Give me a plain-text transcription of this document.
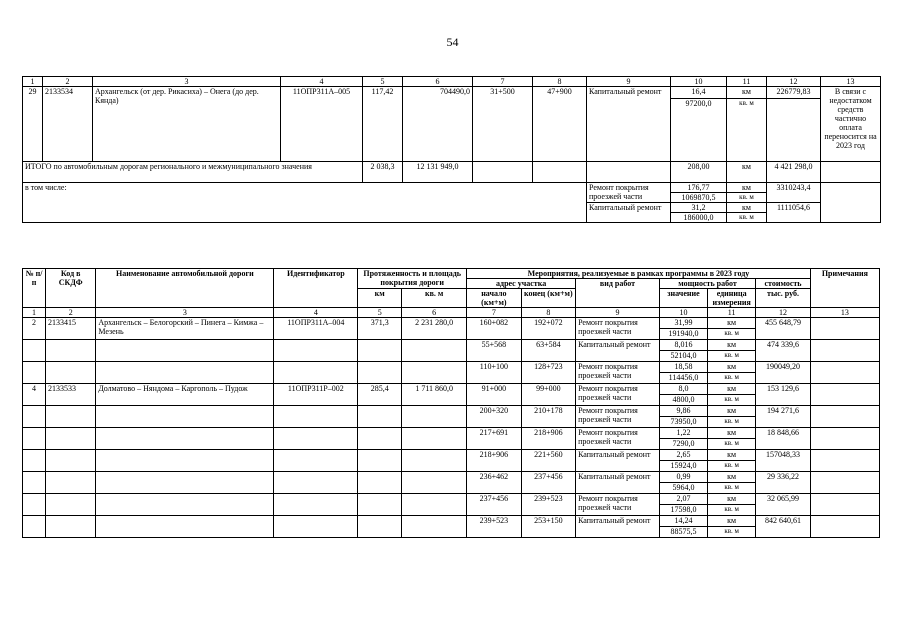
54
1	2	3	4	5	6	7	8	9	10	11	12	13
29	2133534	Архангельск (от дер. Рикасиха) – Онега (до дер. Кянда)	11ОПР311А–005	117,42	704490,0	31+500	47+900	Капитальный ремонт	16,4	км	226779,83	В связи с недостатком средств частично оплата переносится на 2023 год
									97200,0	кв. м		
ИТОГО по автомобильным дорогам регионального и межмуниципального значения				2 038,3	12 131 949,0				208,00	км	4 421 298,0	
в том числе:								Ремонт покрытия проезжей части	176,77	км	3310243,4	
									1069870,5	кв. м		
								Капитальный ремонт	31,2	км	1111054,6	
									186000,0	кв. м		
№ п/п	Код в СКДФ	Наименование автомобильной дороги	Идентификатор	Протяженность и площадь покрытия дороги		Мероприятия, реализуемые в рамках программы в 2023 году						Примечания
						адрес участка		вид работ	мощность работ		стоимость	
				км	кв. м	начало (км+м)	конец (км+м)		значение	единица измерения	тыс. руб.	
1	2	3	4	5	6	7	8	9	10	11	12	13
2	2133415	Архангельск – Белогорский – Пинега – Кимжа – Мезень	11ОПР311А–004	371,3	2 231 280,0	160+082	192+072	Ремонт покрытия проезжей части	31,99	км	455 648,79	
									191940,0	кв. м		
						55+568	63+584	Капитальный ремонт	8,016	км	474 339,6	
									52104,0	кв. м		
						110+100	128+723	Ремонт покрытия проезжей части	18,58	км	190049,20	
									114456,0	кв. м		
4	2133533	Долматово – Няндома – Каргополь – Пудож	11ОПР311Р–002	285,4	1 711 860,0	91+000	99+000	Ремонт покрытия проезжей части	8,0	км	153 129,6	
									4800,0	кв. м		
						200+320	210+178	Ремонт покрытия проезжей части	9,86	км	194 271,6	
									73950,0	кв. м		
						217+691	218+906	Ремонт покрытия проезжей части	1,22	км	18 848,66	
									7290,0	кв. м		
						218+906	221+560	Капитальный ремонт	2,65	км	157048,33	
									15924,0	кв. м		
						236+462	237+456	Капитальный ремонт	0,99	км	29 336,22	
									5964,0	кв. м		
						237+456	239+523	Ремонт покрытия проезжей части	2,07	км	32 065,99	
									17598,0	кв. м		
						239+523	253+150	Капитальный ремонт	14,24	км	842 640,61	
									88575,5	кв. м		
